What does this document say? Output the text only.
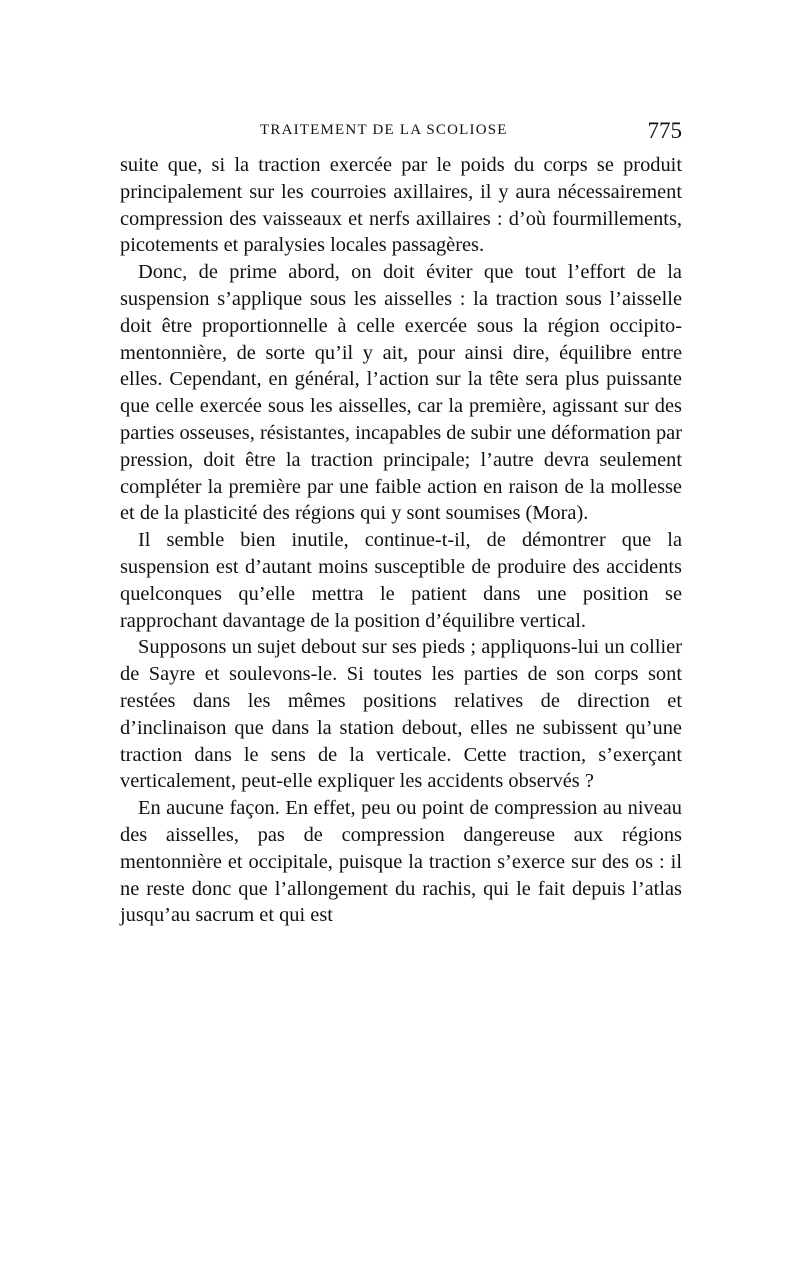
TRAITEMENT DE LA SCOLIOSE	775

suite que, si la traction exercée par le poids du corps se produit principalement sur les courroies axillaires, il y aura nécessairement compression des vaisseaux et nerfs axillaires : d’où fourmillements, picotements et paralysies locales passagères.

Donc, de prime abord, on doit éviter que tout l’effort de la suspension s’applique sous les aisselles : la traction sous l’aisselle doit être proportionnelle à celle exercée sous la région occipito-mentonnière, de sorte qu’il y ait, pour ainsi dire, équilibre entre elles. Cependant, en général, l’action sur la tête sera plus puissante que celle exercée sous les aisselles, car la première, agissant sur des parties osseuses, résistantes, incapables de subir une déformation par pression, doit être la traction principale; l’autre devra seulement compléter la première par une faible action en raison de la mollesse et de la plasticité des régions qui y sont soumises (Mora).

Il semble bien inutile, continue-t-il, de démontrer que la suspension est d’autant moins susceptible de produire des accidents quelconques qu’elle mettra le patient dans une position se rapprochant davantage de la position d’équilibre vertical.

Supposons un sujet debout sur ses pieds ; appliquons-lui un collier de Sayre et soulevons-le. Si toutes les parties de son corps sont restées dans les mêmes positions relatives de direction et d’inclinaison que dans la station debout, elles ne subissent qu’une traction dans le sens de la verticale. Cette traction, s’exerçant verticalement, peut-elle expliquer les accidents observés ?

En aucune façon. En effet, peu ou point de compression au niveau des aisselles, pas de compression dangereuse aux régions mentonnière et occipitale, puisque la traction s’exerce sur des os : il ne reste donc que l’allongement du rachis, qui le fait depuis l’atlas jusqu’au sacrum et qui est
